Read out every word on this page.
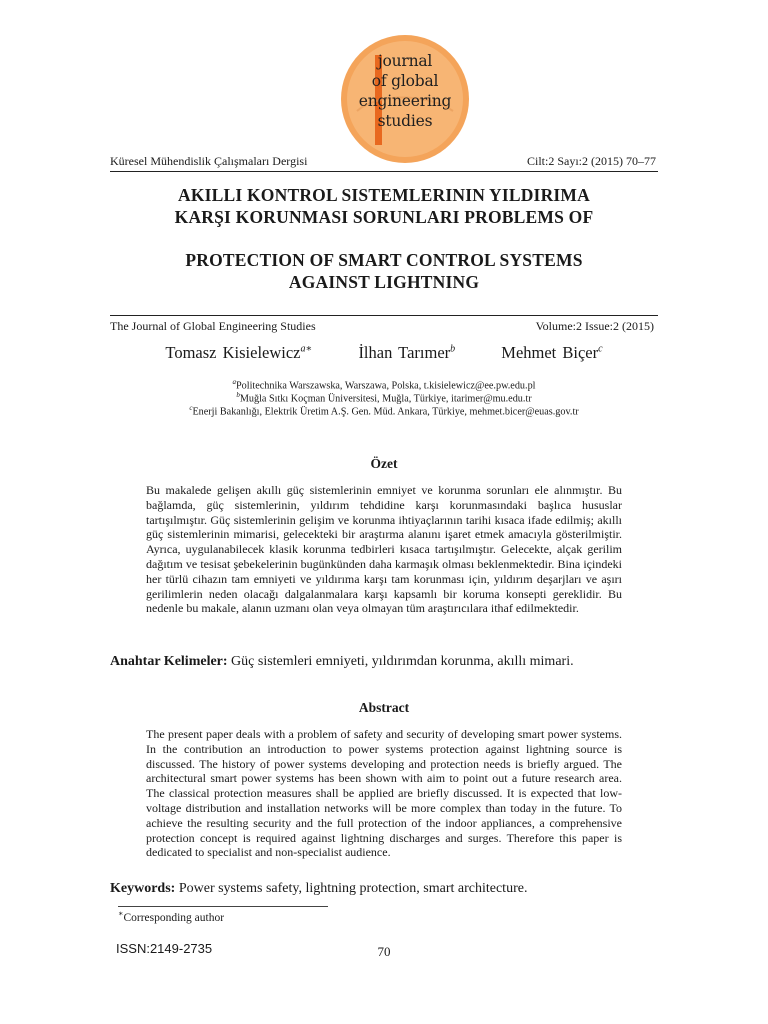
journal
of global
engineering
studies
Küresel Mühendislik Çalışmaları Dergisi	Cilt:2 Sayı:2 (2015) 70–77
AKILLI KONTROL SISTEMLERININ YILDIRIMA
KARŞI KORUNMASI SORUNLARI PROBLEMS OF
PROTECTION OF SMART CONTROL SYSTEMS
AGAINST LIGHTNING
The Journal of Global Engineering Studies	Volume:2 Issue:2 (2015)
Tomasz Kisielewicz$^{a∗}$	İlhan Tarımer$^b$	Mehmet Biçer$^c$
$^a$Politechnika Warszawska, Warszawa, Polska, t.kisielewicz@ee.pw.edu.pl
$^b$Muğla Sıtkı Koçman Üniversitesi, Muğla, Türkiye, itarimer@mu.edu.tr
$^c$Enerji Bakanlığı, Elektrik Üretim A.Ş. Gen. Müd. Ankara, Türkiye, mehmet.bicer@euas.gov.tr
Özet
Bu makalede gelişen akıllı güç sistemlerinin emniyet ve korunma sorunları ele alınmıştır. Bu bağlamda, güç sistemlerinin, yıldırım tehdidine karşı korunmasındaki başlıca hususlar tartışılmıştır. Güç sistemlerinin gelişim ve korunma ihtiyaçlarının tarihi kısaca ifade edilmiş; akıllı güç sistemlerinin mimarisi, gelecekteki bir araştırma alanını işaret etmek amacıyla gösterilmiştir. Ayrıca, uygulanabilecek klasik korunma tedbirleri kısaca tartışılmıştır. Gelecekte, alçak gerilim dağıtım ve tesisat şebekelerinin bugünkünden daha karmaşık olması beklenmektedir. Bina içindeki her türlü cihazın tam emniyeti ve yıldırıma karşı tam korunması için, yıldırım deşarjları ve aşırı gerilimlerin neden olacağı dalgalanmalara karşı kapsamlı bir koruma konsepti gereklidir. Bu nedenle bu makale, alanın uzmanı olan veya olmayan tüm araştırıcılara ithaf edilmektedir.
Anahtar Kelimeler: Güç sistemleri emniyeti, yıldırımdan korunma, akıllı mimari.
Abstract
The present paper deals with a problem of safety and security of developing smart power systems. In the contribution an introduction to power systems protection against lightning source is discussed. The history of power systems developing and protection needs is briefly argued. The architectural smart power systems has been shown with aim to point out a future research area. The classical protection measures shall be applied are briefly discussed. It is expected that low-voltage distribution and installation networks will be more complex than today in the future. To achieve the resulting security and the full protection of the indoor appliances, a comprehensive protection concept is required against lightning discharges and surges. Therefore this paper is dedicated to specialist and non-specialist audience.
Keywords: Power systems safety, lightning protection, smart architecture.
∗Corresponding author
ISSN:2149-2735	70
